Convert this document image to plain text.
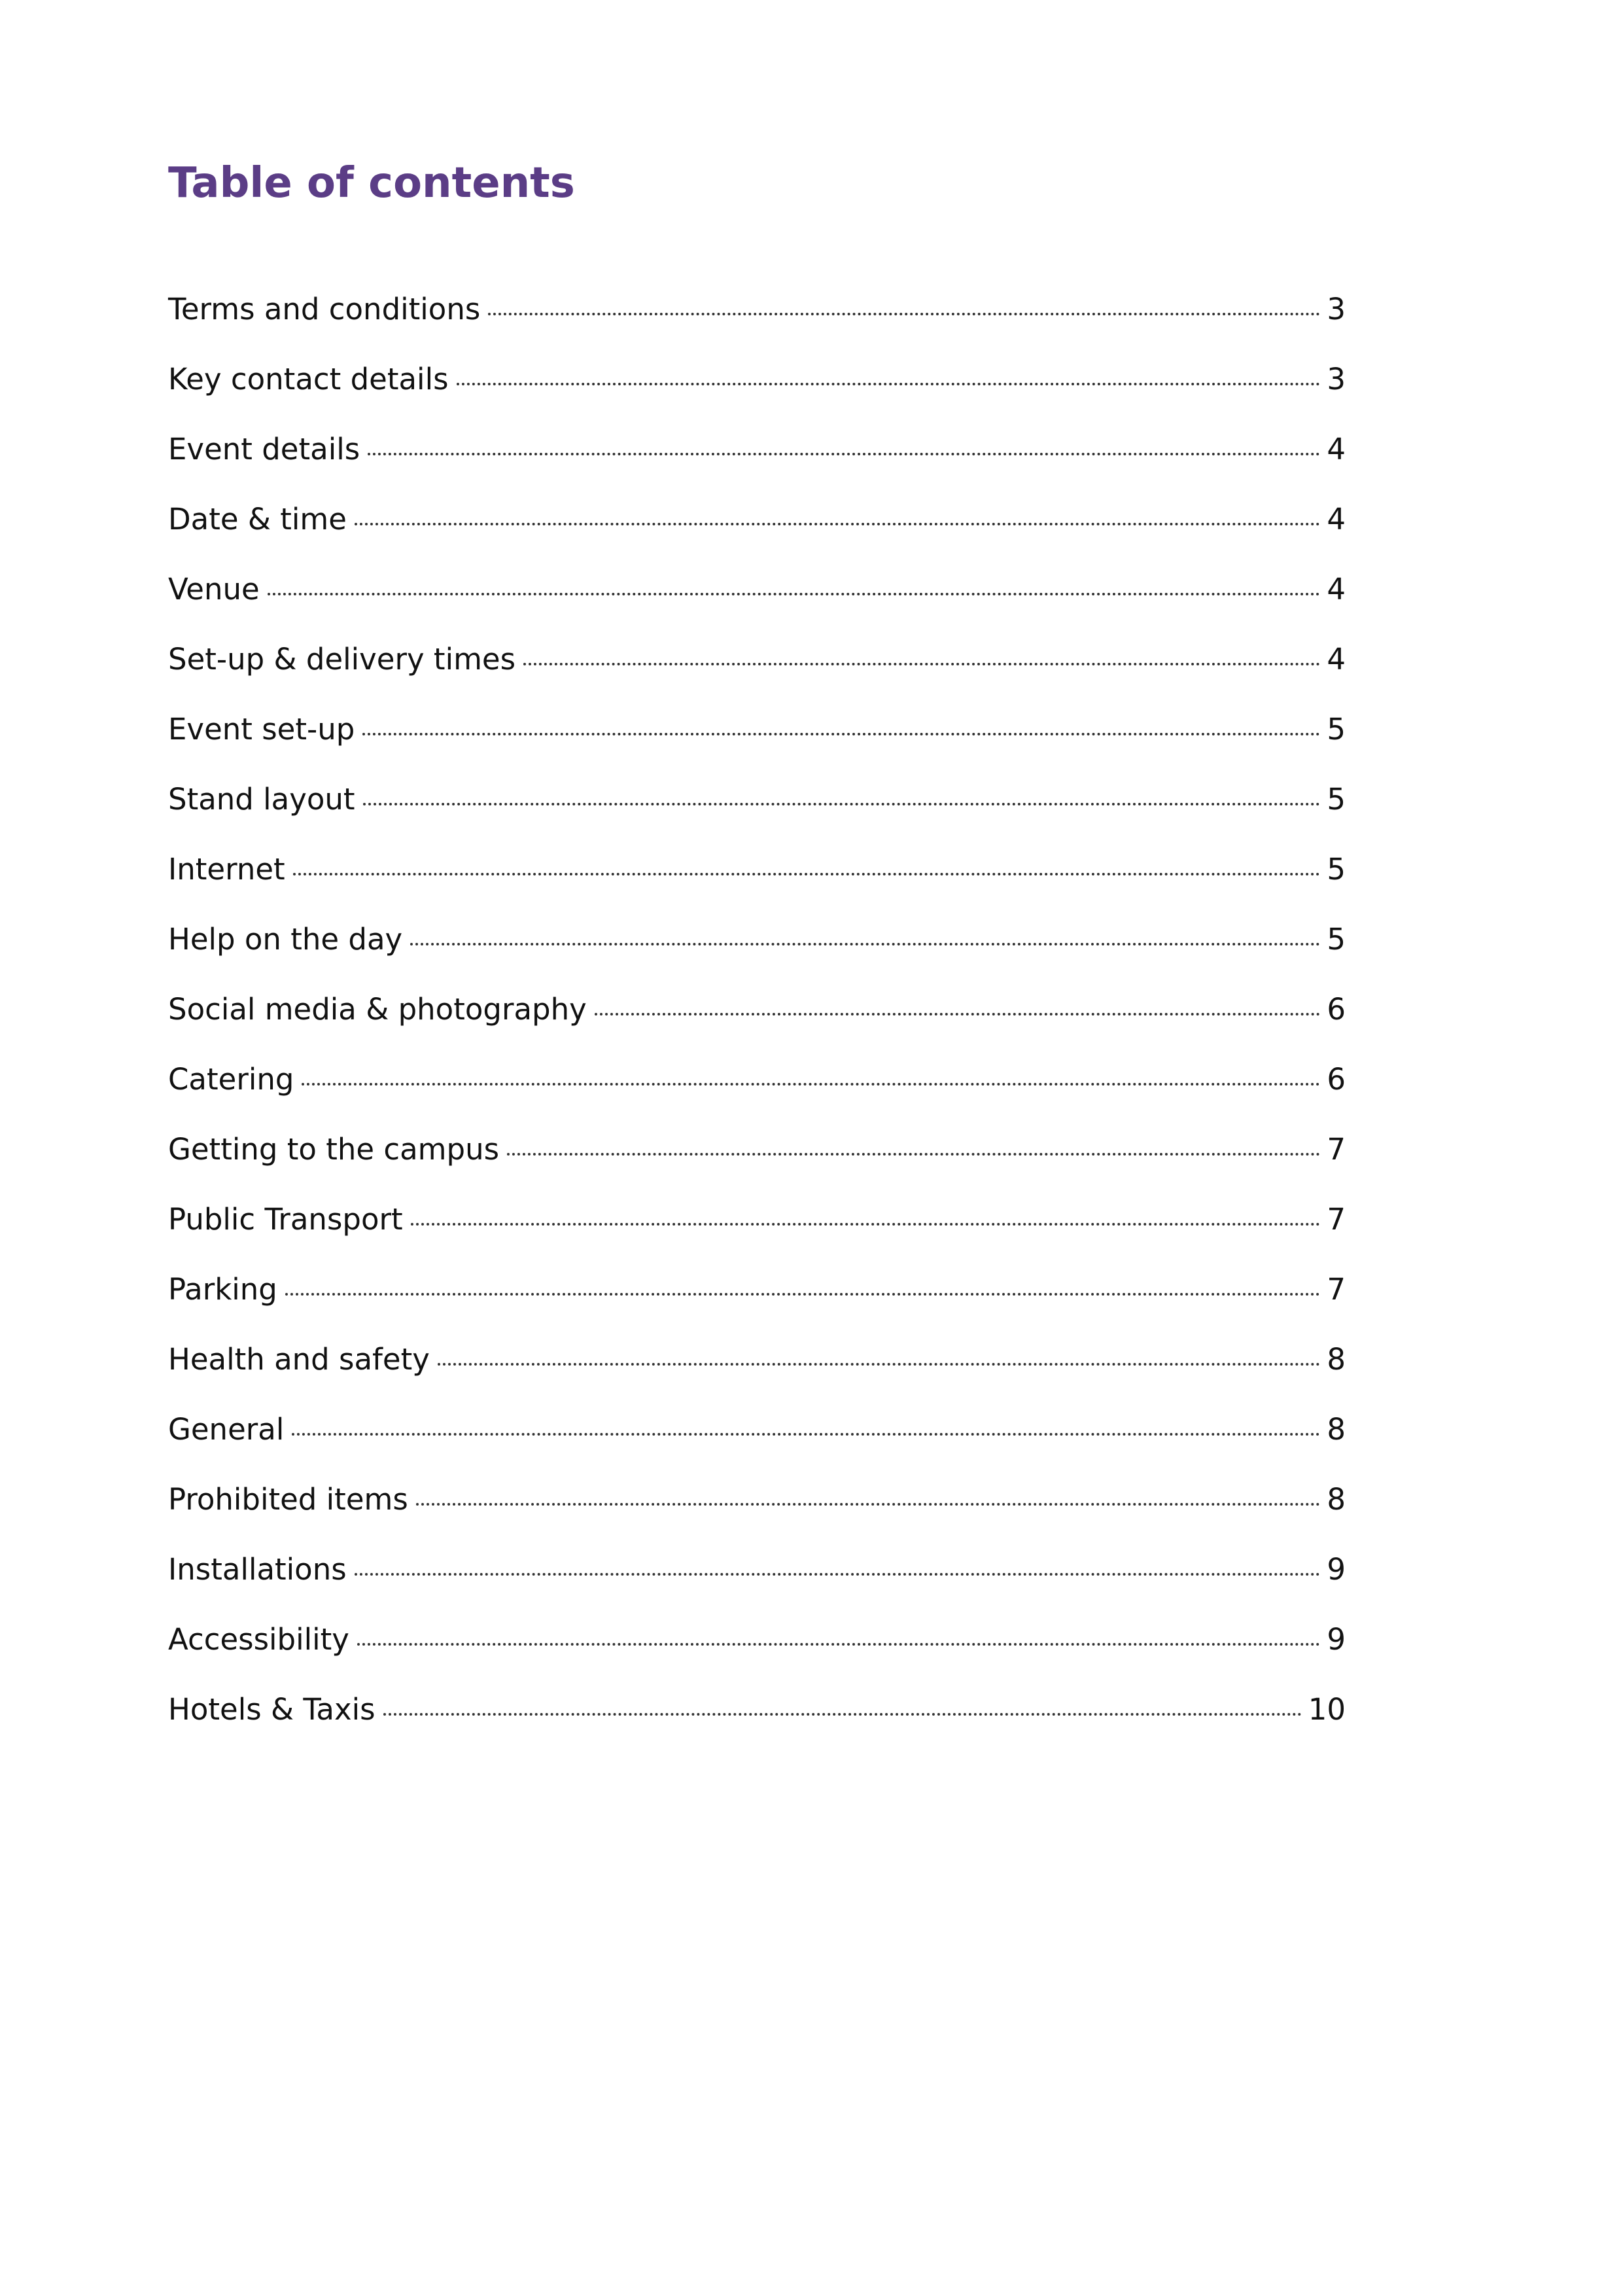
Table of contents
Terms and conditions	3
Key contact details	3
Event details	4
Date & time	4
Venue	4
Set-up & delivery times	4
Event set-up	5
Stand layout	5
Internet	5
Help on the day	5
Social media & photography	6
Catering	6
Getting to the campus	7
Public Transport	7
Parking	7
Health and safety	8
General	8
Prohibited items	8
Installations	9
Accessibility	9
Hotels & Taxis	10
